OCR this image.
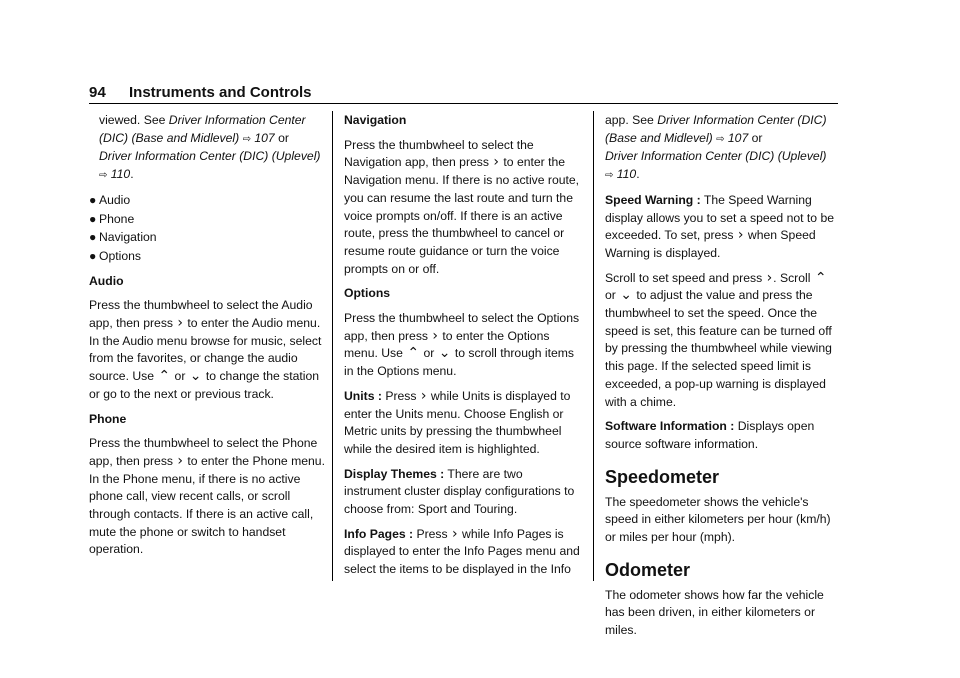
94 Instruments and Controls

viewed. See Driver Information Center (DIC) (Base and Midlevel) ⇨ 107 or
Driver Information Center (DIC) (Uplevel)
⇨ 110.

● Audio
● Phone
● Navigation
● Options

Audio

Press the thumbwheel to select the Audio app, then press › to enter the Audio menu. In the Audio menu browse for music, select from the favorites, or change the audio source. Use ⌃ or ⌄ to change the station or go to the next or previous track.

Phone

Press the thumbwheel to select the Phone app, then press › to enter the Phone menu. In the Phone menu, if there is no active phone call, view recent calls, or scroll through contacts. If there is an active call, mute the phone or switch to handset operation.

Navigation

Press the thumbwheel to select the Navigation app, then press › to enter the Navigation menu. If there is no active route, you can resume the last route and turn the voice prompts on/off. If there is an active route, press the thumbwheel to cancel or resume route guidance or turn the voice prompts on or off.

Options

Press the thumbwheel to select the Options app, then press › to enter the Options menu. Use ⌃ or ⌄ to scroll through items in the Options menu.

Units : Press › while Units is displayed to enter the Units menu. Choose English or Metric units by pressing the thumbwheel while the desired item is highlighted.

Display Themes : There are two instrument cluster display configurations to choose from: Sport and Touring.

Info Pages : Press › while Info Pages is displayed to enter the Info Pages menu and select the items to be displayed in the Info

app. See Driver Information Center (DIC) (Base and Midlevel) ⇨ 107 or
Driver Information Center (DIC) (Uplevel)
⇨ 110.

Speed Warning : The Speed Warning display allows you to set a speed not to be exceeded. To set, press › when Speed Warning is displayed.

Scroll to set speed and press ›. Scroll ⌃ or ⌄ to adjust the value and press the thumbwheel to set the speed. Once the speed is set, this feature can be turned off by pressing the thumbwheel while viewing this page. If the selected speed limit is exceeded, a pop-up warning is displayed with a chime.

Software Information : Displays open source software information.

Speedometer

The speedometer shows the vehicle's speed in either kilometers per hour (km/h) or miles per hour (mph).

Odometer

The odometer shows how far the vehicle has been driven, in either kilometers or miles.
